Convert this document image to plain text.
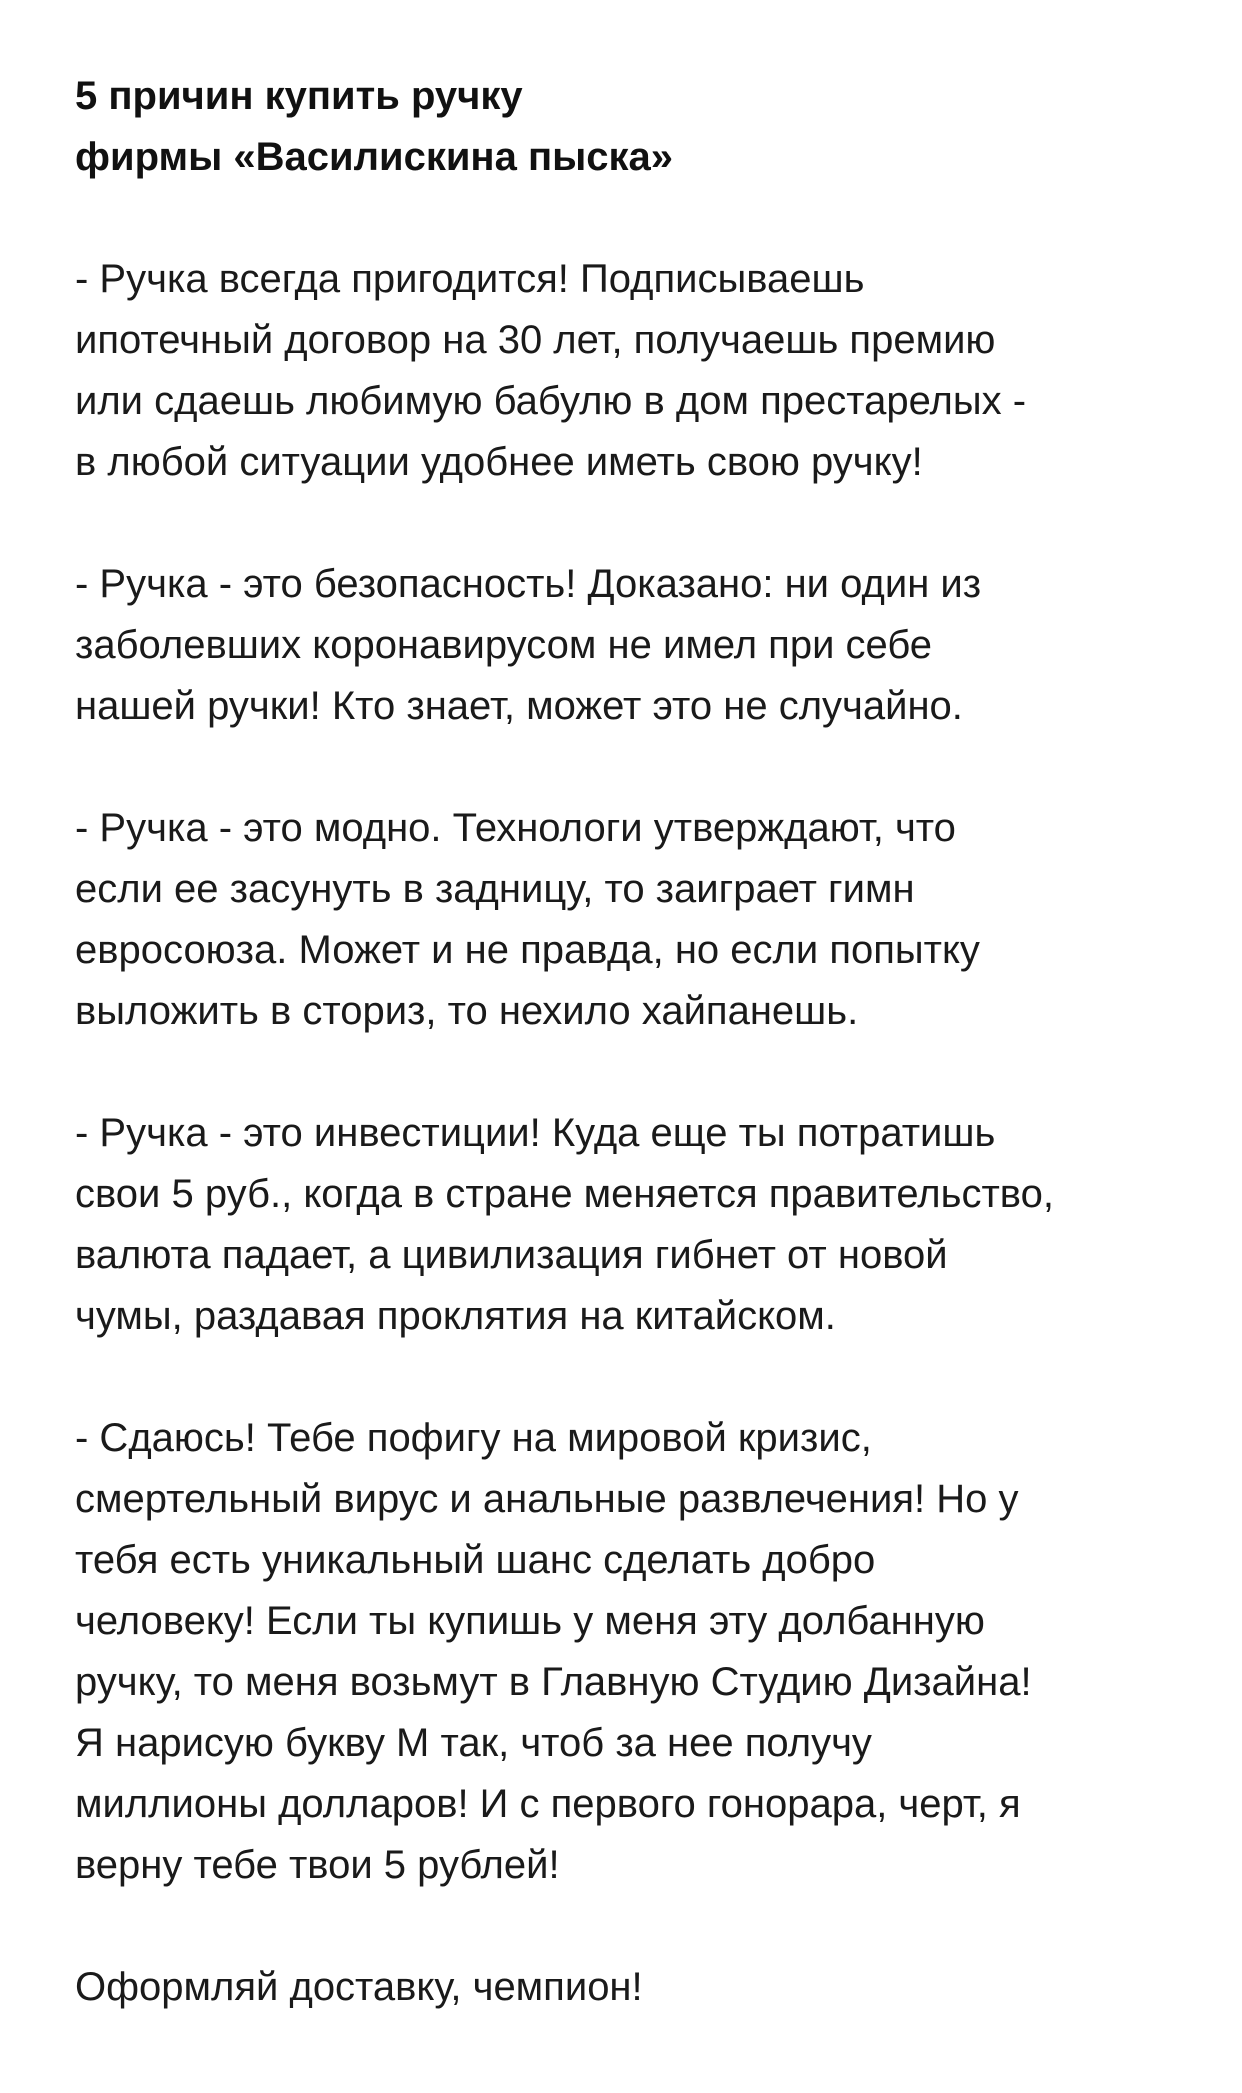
5 причин купить ручку
фирмы «Василискина пыска»

- Ручка всегда пригодится! Подписываешь
ипотечный договор на 30 лет, получаешь премию
или сдаешь любимую бабулю в дом престарелых -
в любой ситуации удобнее иметь свою ручку!

- Ручка - это безопасность! Доказано: ни один из
заболевших коронавирусом не имел при себе
нашей ручки! Кто знает, может это не случайно.

- Ручка - это модно. Технологи утверждают, что
если ее засунуть в задницу, то заиграет гимн
евросоюза. Может и не правда, но если попытку
выложить в сториз, то нехило хайпанешь.

- Ручка - это инвестиции! Куда еще ты потратишь
свои 5 руб., когда в стране меняется правительство,
валюта падает, а цивилизация гибнет от новой
чумы, раздавая проклятия на китайском.

- Сдаюсь! Тебе пофигу на мировой кризис,
смертельный вирус и анальные развлечения! Но у
тебя есть уникальный шанс сделать добро
человеку! Если ты купишь у меня эту долбанную
ручку, то меня возьмут в Главную Студию Дизайна!
Я нарисую букву М так, чтоб за нее получу
миллионы долларов! И с первого гонорара, черт, я
верну тебе твои 5 рублей!

Оформляй доставку, чемпион!
